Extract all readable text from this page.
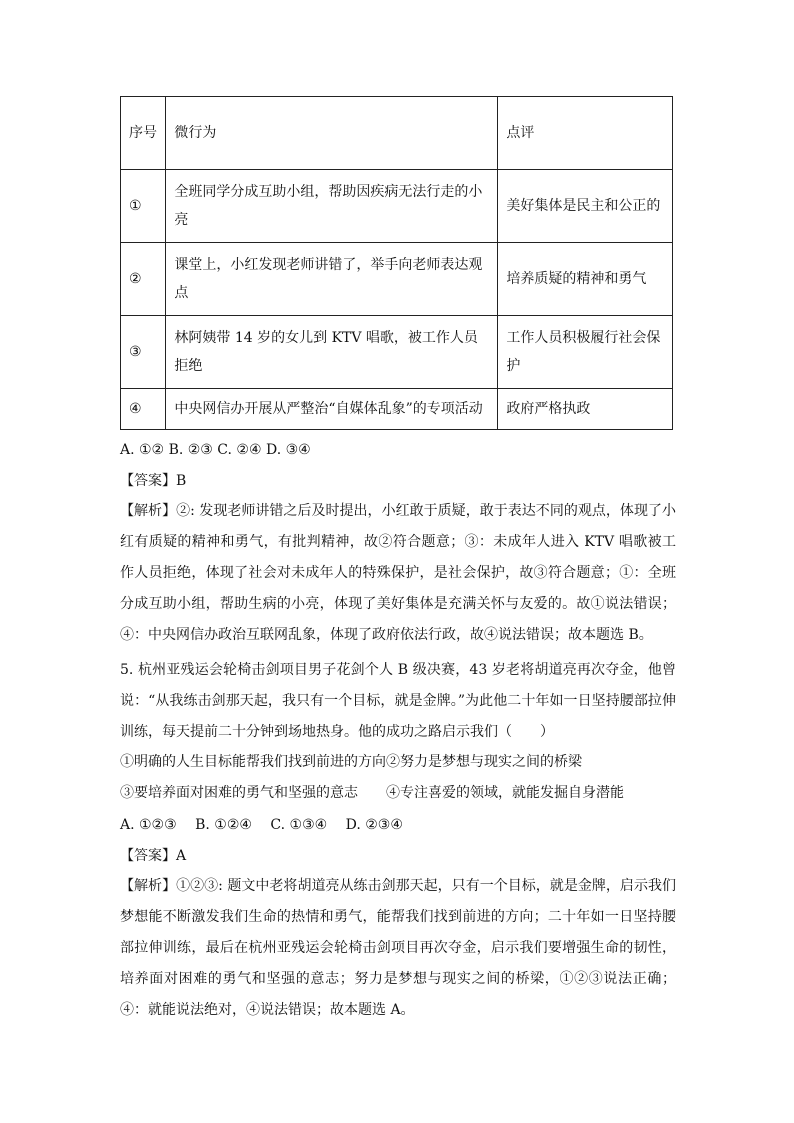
序号	微行为	点评
①	全班同学分成互助小组，帮助因疾病无法行走的小亮	美好集体是民主和公正的
②	课堂上，小红发现老师讲错了，举手向老师表达观点	培养质疑的精神和勇气
③	林阿姨带 14 岁的女儿到 KTV 唱歌，被工作人员拒绝	工作人员积极履行社会保护
④	中央网信办开展从严整治“自媒体乱象”的专项活动	政府严格执政
A. ①② B. ②③ C. ②④ D. ③④
【答案】B

【解析】②: 发现老师讲错之后及时提出，小红敢于质疑，敢于表达不同的观点，体现了小红有质疑的精神和勇气，有批判精神，故②符合题意；③：未成年人进入 KTV 唱歌被工作人员拒绝，体现了社会对未成年人的特殊保护，是社会保护，故③符合题意；①：全班分成互助小组，帮助生病的小亮，体现了美好集体是充满关怀与友爱的。故①说法错误；④：中央网信办政治互联网乱象，体现了政府依法行政，故④说法错误；故本题选 B。

5. 杭州亚残运会轮椅击剑项目男子花剑个人 B 级决赛，43 岁老将胡道亮再次夺金，他曾说：“从我练击剑那天起，我只有一个目标，就是金牌。”为此他二十年如一日坚持腰部拉伸训练，每天提前二十分钟到场地热身。他的成功之路启示我们（　　）

①明确的人生目标能帮我们找到前进的方向②努力是梦想与现实之间的桥梁
③要培养面对困难的勇气和坚强的意志　　④专注喜爱的领域，就能发掘自身潜能
A. ①②③　 B. ①②④　 C. ①③④　 D. ②③④
【答案】A

【解析】①②③: 题文中老将胡道亮从练击剑那天起，只有一个目标，就是金牌，启示我们梦想能不断激发我们生命的热情和勇气，能帮我们找到前进的方向；二十年如一日坚持腰部拉伸训练，最后在杭州亚残运会轮椅击剑项目再次夺金，启示我们要增强生命的韧性，培养面对困难的勇气和坚强的意志；努力是梦想与现实之间的桥梁，①②③说法正确；④：就能说法绝对，④说法错误；故本题选 A。
